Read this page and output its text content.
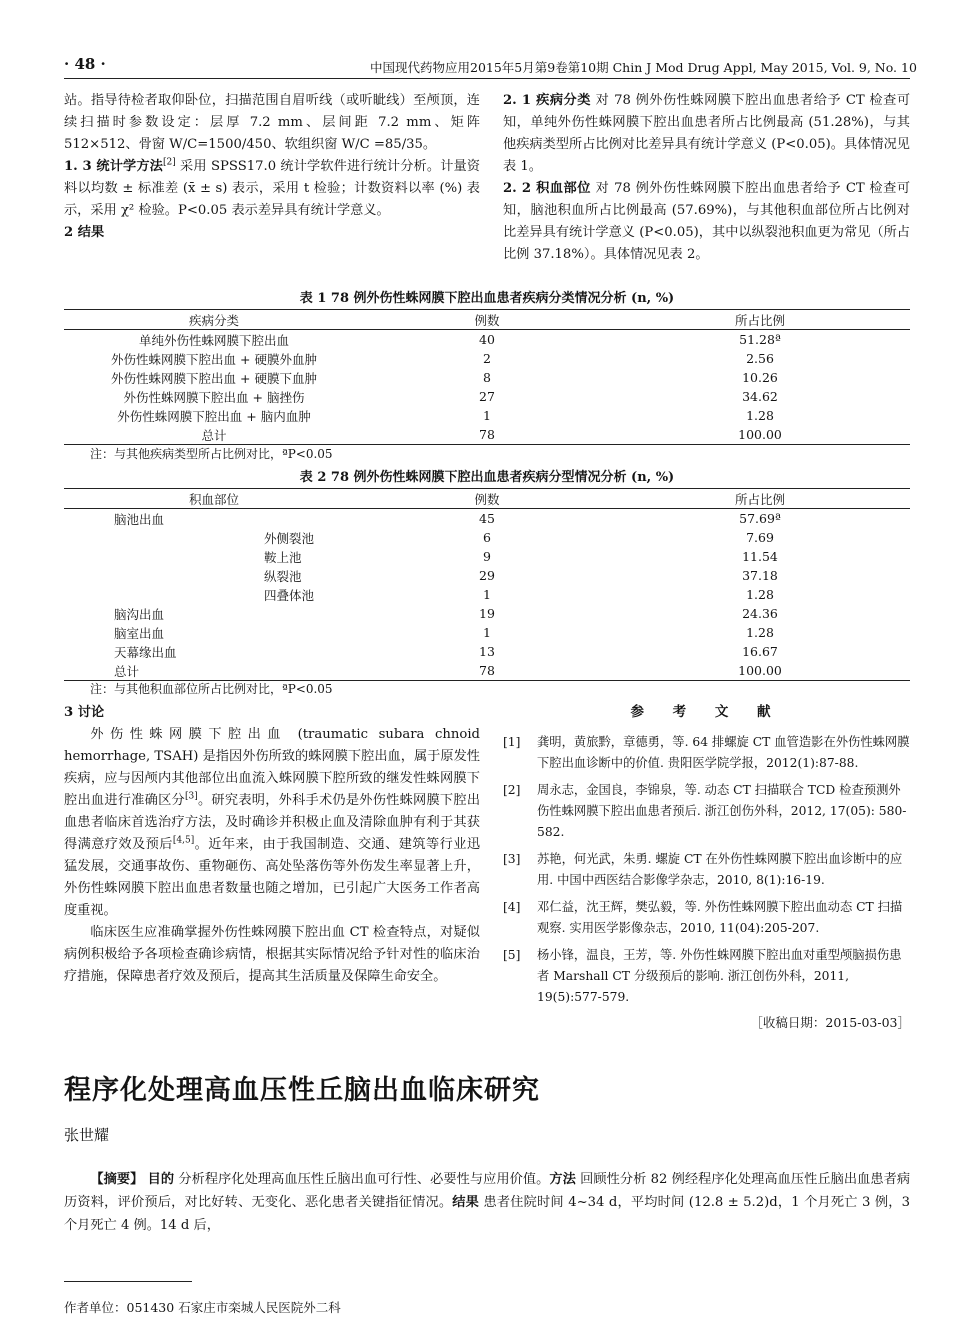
· 48 ·	中国现代药物应用2015年5月第9卷第10期 Chin J Mod Drug Appl, May 2015, Vol. 9, No. 10

站。指导待检者取仰卧位，扫描范围自眉听线（或听眦线）至颅顶，连续扫描时参数设定：层厚 7.2 mm、层间距 7.2 mm、矩阵 512×512、骨窗 W/C=1500/450、软组织窗 W/C =85/35。

1. 3 统计学方法[2] 采用 SPSS17.0 统计学软件进行统计分析。计量资料以均数 ± 标准差 (x̄ ± s) 表示，采用 t 检验；计数资料以率 (%) 表示，采用 χ² 检验。P<0.05 表示差异具有统计学意义。

2 结果

2. 1 疾病分类 对 78 例外伤性蛛网膜下腔出血患者给予 CT 检查可知，单纯外伤性蛛网膜下腔出血患者所占比例最高 (51.28%)，与其他疾病类型所占比例对比差异具有统计学意义 (P<0.05)。具体情况见表 1。

2. 2 积血部位 对 78 例外伤性蛛网膜下腔出血患者给予 CT 检查可知，脑池积血所占比例最高 (57.69%)，与其他积血部位所占比例对比差异具有统计学意义 (P<0.05)，其中以纵裂池积血更为常见（所占比例 37.18%）。具体情况见表 2。

表 1 78 例外伤性蛛网膜下腔出血患者疾病分类情况分析 (n, %)
疾病分类	例数	所占比例
单纯外伤性蛛网膜下腔出血	40	51.28ª
外伤性蛛网膜下腔出血 + 硬膜外血肿	2	2.56
外伤性蛛网膜下腔出血 + 硬膜下血肿	8	10.26
外伤性蛛网膜下腔出血 + 脑挫伤	27	34.62
外伤性蛛网膜下腔出血 + 脑内血肿	1	1.28
总计	78	100.00
注：与其他疾病类型所占比例对比，ªP<0.05
表 2 78 例外伤性蛛网膜下腔出血患者疾病分型情况分析 (n, %)
积血部位	例数	所占比例
脑池出血	45	57.69ª
外侧裂池	6	7.69
鞍上池	9	11.54
纵裂池	29	37.18
四叠体池	1	1.28
脑沟出血	19	24.36
脑室出血	1	1.28
天幕缘出血	13	16.67
总计	78	100.00
注：与其他积血部位所占比例对比，ªP<0.05

3 讨论

外伤性蛛网膜下腔出血 (traumatic subara chnoid hemorrhage, TSAH) 是指因外伤所致的蛛网膜下腔出血，属于原发性疾病，应与因颅内其他部位出血流入蛛网膜下腔所致的继发性蛛网膜下腔出血进行准确区分[3]。研究表明，外科手术仍是外伤性蛛网膜下腔出血患者临床首选治疗方法，及时确诊并积极止血及清除血肿有利于其获得满意疗效及预后[4,5]。近年来，由于我国制造、交通、建筑等行业迅猛发展，交通事故伤、重物砸伤、高处坠落伤等外伤发生率显著上升，外伤性蛛网膜下腔出血患者数量也随之增加，已引起广大医务工作者高度重视。

临床医生应准确掌握外伤性蛛网膜下腔出血 CT 检查特点，对疑似病例积极给予各项检查确诊病情，根据其实际情况给予针对性的临床治疗措施，保障患者疗效及预后，提高其生活质量及保障生命安全。

参 考 文 献
[1] 龚明，黄旅黔，章德勇，等. 64 排螺旋 CT 血管造影在外伤性蛛网膜下腔出血诊断中的价值. 贵阳医学院学报，2012(1):87-88.
[2] 周永志，金国良，李锦泉，等. 动态 CT 扫描联合 TCD 检查预测外伤性蛛网膜下腔出血患者预后. 浙江创伤外科，2012, 17(05): 580-582.
[3] 苏艳，何光武，朱勇. 螺旋 CT 在外伤性蛛网膜下腔出血诊断中的应用. 中国中西医结合影像学杂志，2010, 8(1):16-19.
[4] 邓仁益，沈王辉，樊弘毅，等. 外伤性蛛网膜下腔出血动态 CT 扫描观察. 实用医学影像杂志，2010, 11(04):205-207.
[5] 杨小锋，温良，王芳，等. 外伤性蛛网膜下腔出血对重型颅脑损伤患者 Marshall CT 分级预后的影响. 浙江创伤外科，2011, 19(5):577-579.
［收稿日期：2015-03-03］
程序化处理高血压性丘脑出血临床研究
张世耀
【摘要】 目的 分析程序化处理高血压性丘脑出血可行性、必要性与应用价值。方法 回顾性分析 82 例经程序化处理高血压性丘脑出血患者病历资料，评价预后，对比好转、无变化、恶化患者关键指征情况。结果 患者住院时间 4~34 d，平均时间 (12.8 ± 5.2)d，1 个月死亡 3 例，3 个月死亡 4 例。14 d 后，
作者单位：051430 石家庄市栾城人民医院外二科
